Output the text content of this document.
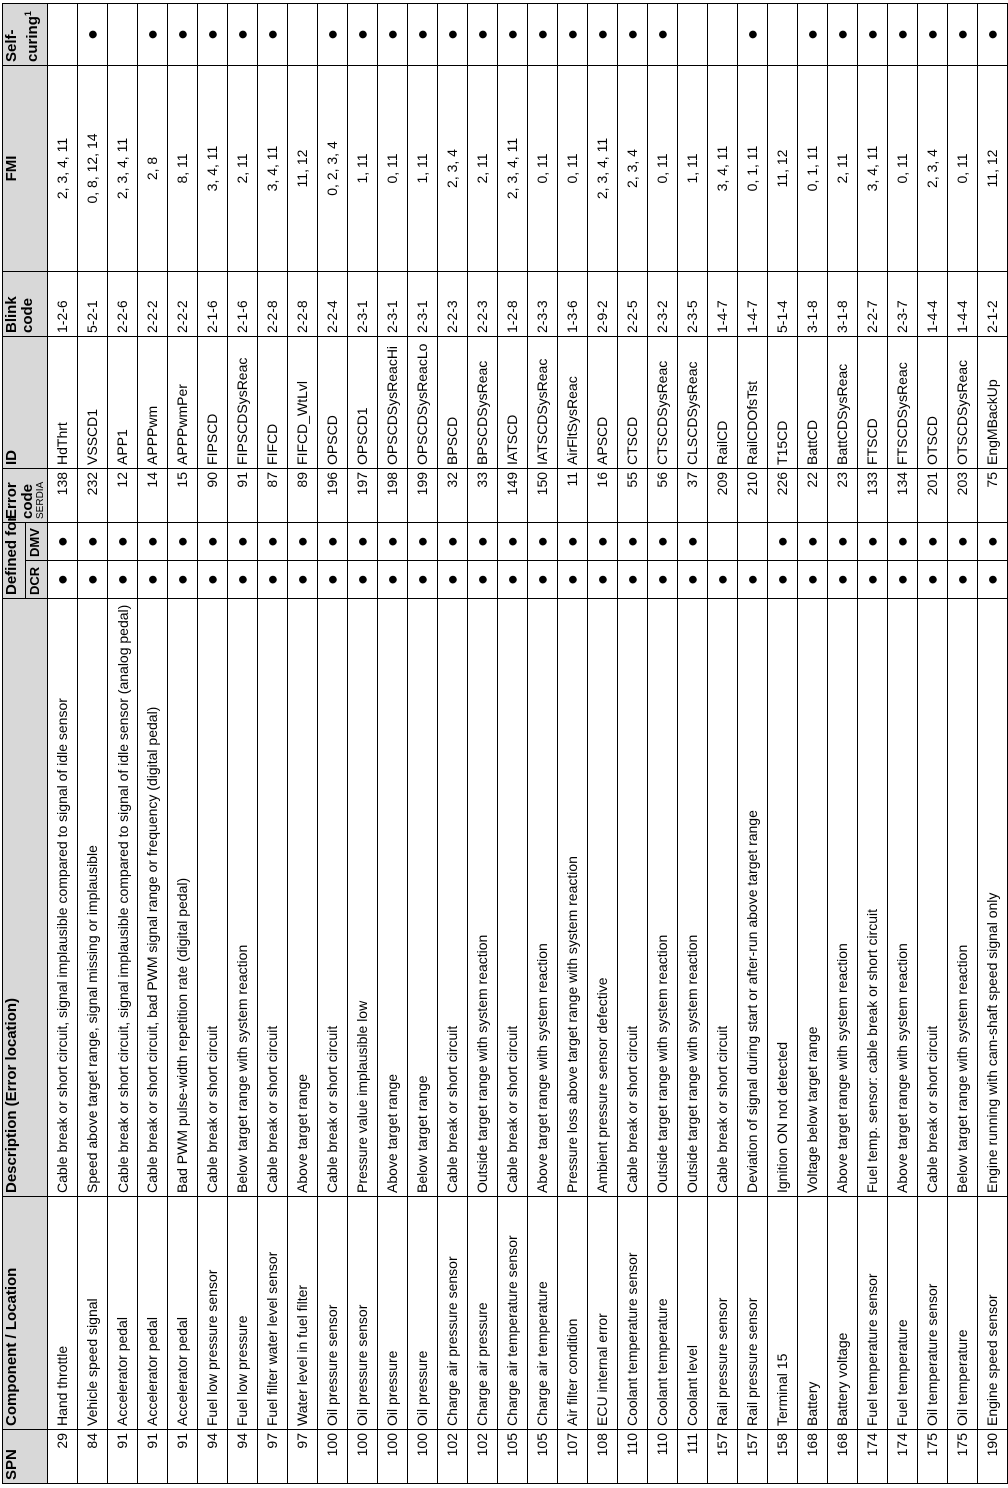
SPN	Component / Location	Description (Error location)	Defined for		Error code SERDIA	ID	Blink code	FMI	Self-curing$^1$
			DCR	DMV					
29	Hand throttle	Cable break or short circuit, signal implausible compared to signal of idle sensor	●	●	138	HdThrt	1-2-6	2, 3, 4, 11	
84	Vehicle speed signal	Speed above target range, signal missing or implausible	●	●	232	VSSCD1	5-2-1	0, 8, 12, 14	●
91	Accelerator pedal	Cable break or short circuit, signal implausible compared to signal of idle sensor (analog pedal)	●	●	12	APP1	2-2-6	2, 3, 4, 11	
91	Accelerator pedal	Cable break or short circuit, bad PWM signal range or frequency (digital pedal)	●	●	14	APPPwm	2-2-2	2, 8	●
91	Accelerator pedal	Bad PWM pulse-width repetition rate (digital pedal)	●	●	15	APPPwmPer	2-2-2	8, 11	●
94	Fuel low pressure sensor	Cable break or short circuit	●	●	90	FIPSCD	2-1-6	3, 4, 11	●
94	Fuel low pressure	Below target range with system reaction	●	●	91	FIPSCDSysReac	2-1-6	2, 11	●
97	Fuel filter water level sensor	Cable break or short circuit	●	●	87	FIFCD	2-2-8	3, 4, 11	●
97	Water level in fuel filter	Above target range	●	●	89	FIFCD_WtLvl	2-2-8	11, 12	
100	Oil pressure sensor	Cable break or short circuit	●	●	196	OPSCD	2-2-4	0, 2, 3, 4	●
100	Oil pressure sensor	Pressure value implausible low	●	●	197	OPSCD1	2-3-1	1, 11	●
100	Oil pressure	Above target range	●	●	198	OPSCDSysReacHi	2-3-1	0, 11	●
100	Oil pressure	Below target range	●	●	199	OPSCDSysReacLo	2-3-1	1, 11	●
102	Charge air pressure sensor	Cable break or short circuit	●	●	32	BPSCD	2-2-3	2, 3, 4	●
102	Charge air pressure	Outside target range with system reaction	●	●	33	BPSCDSysReac	2-2-3	2, 11	●
105	Charge air temperature sensor	Cable break or short circuit	●	●	149	IATSCD	1-2-8	2, 3, 4, 11	●
105	Charge air temperature	Above target range with system reaction	●	●	150	IATSCDSysReac	2-3-3	0, 11	●
107	Air filter condition	Pressure loss above target range with system reaction	●	●	11	AirFltSysReac	1-3-6	0, 11	●
108	ECU internal error	Ambient pressure sensor defective	●	●	16	APSCD	2-9-2	2, 3, 4, 11	●
110	Coolant temperature sensor	Cable break or short circuit	●	●	55	CTSCD	2-2-5	2, 3, 4	●
110	Coolant temperature	Outside target range with system reaction	●	●	56	CTSCDSysReac	2-3-2	0, 11	●
111	Coolant level	Outside target range with system reaction	●	●	37	CLSCDSysReac	2-3-5	1, 11	
157	Rail pressure sensor	Cable break or short circuit	●		209	RailCD	1-4-7	3, 4, 11	
157	Rail pressure sensor	Deviation of signal during start or after-run above target range	●		210	RailCDOfsTst	1-4-7	0, 1, 11	●
158	Terminal 15	Ignition ON not detected	●	●	226	T15CD	5-1-4	11, 12	
168	Battery	Voltage below target range	●	●	22	BattCD	3-1-8	0, 1, 11	●
168	Battery voltage	Above target range with system reaction	●	●	23	BattCDSysReac	3-1-8	2, 11	●
174	Fuel temperature sensor	Fuel temp. sensor: cable break or short circuit	●	●	133	FTSCD	2-2-7	3, 4, 11	●
174	Fuel temperature	Above target range with system reaction	●	●	134	FTSCDSysReac	2-3-7	0, 11	●
175	Oil temperature sensor	Cable break or short circuit	●	●	201	OTSCD	1-4-4	2, 3, 4	●
175	Oil temperature	Below target range with system reaction	●	●	203	OTSCDSysReac	1-4-4	0, 11	●
190	Engine speed sensor	Engine running with cam-shaft speed signal only	●	●	75	EngMBackUp	2-1-2	11, 12	●
